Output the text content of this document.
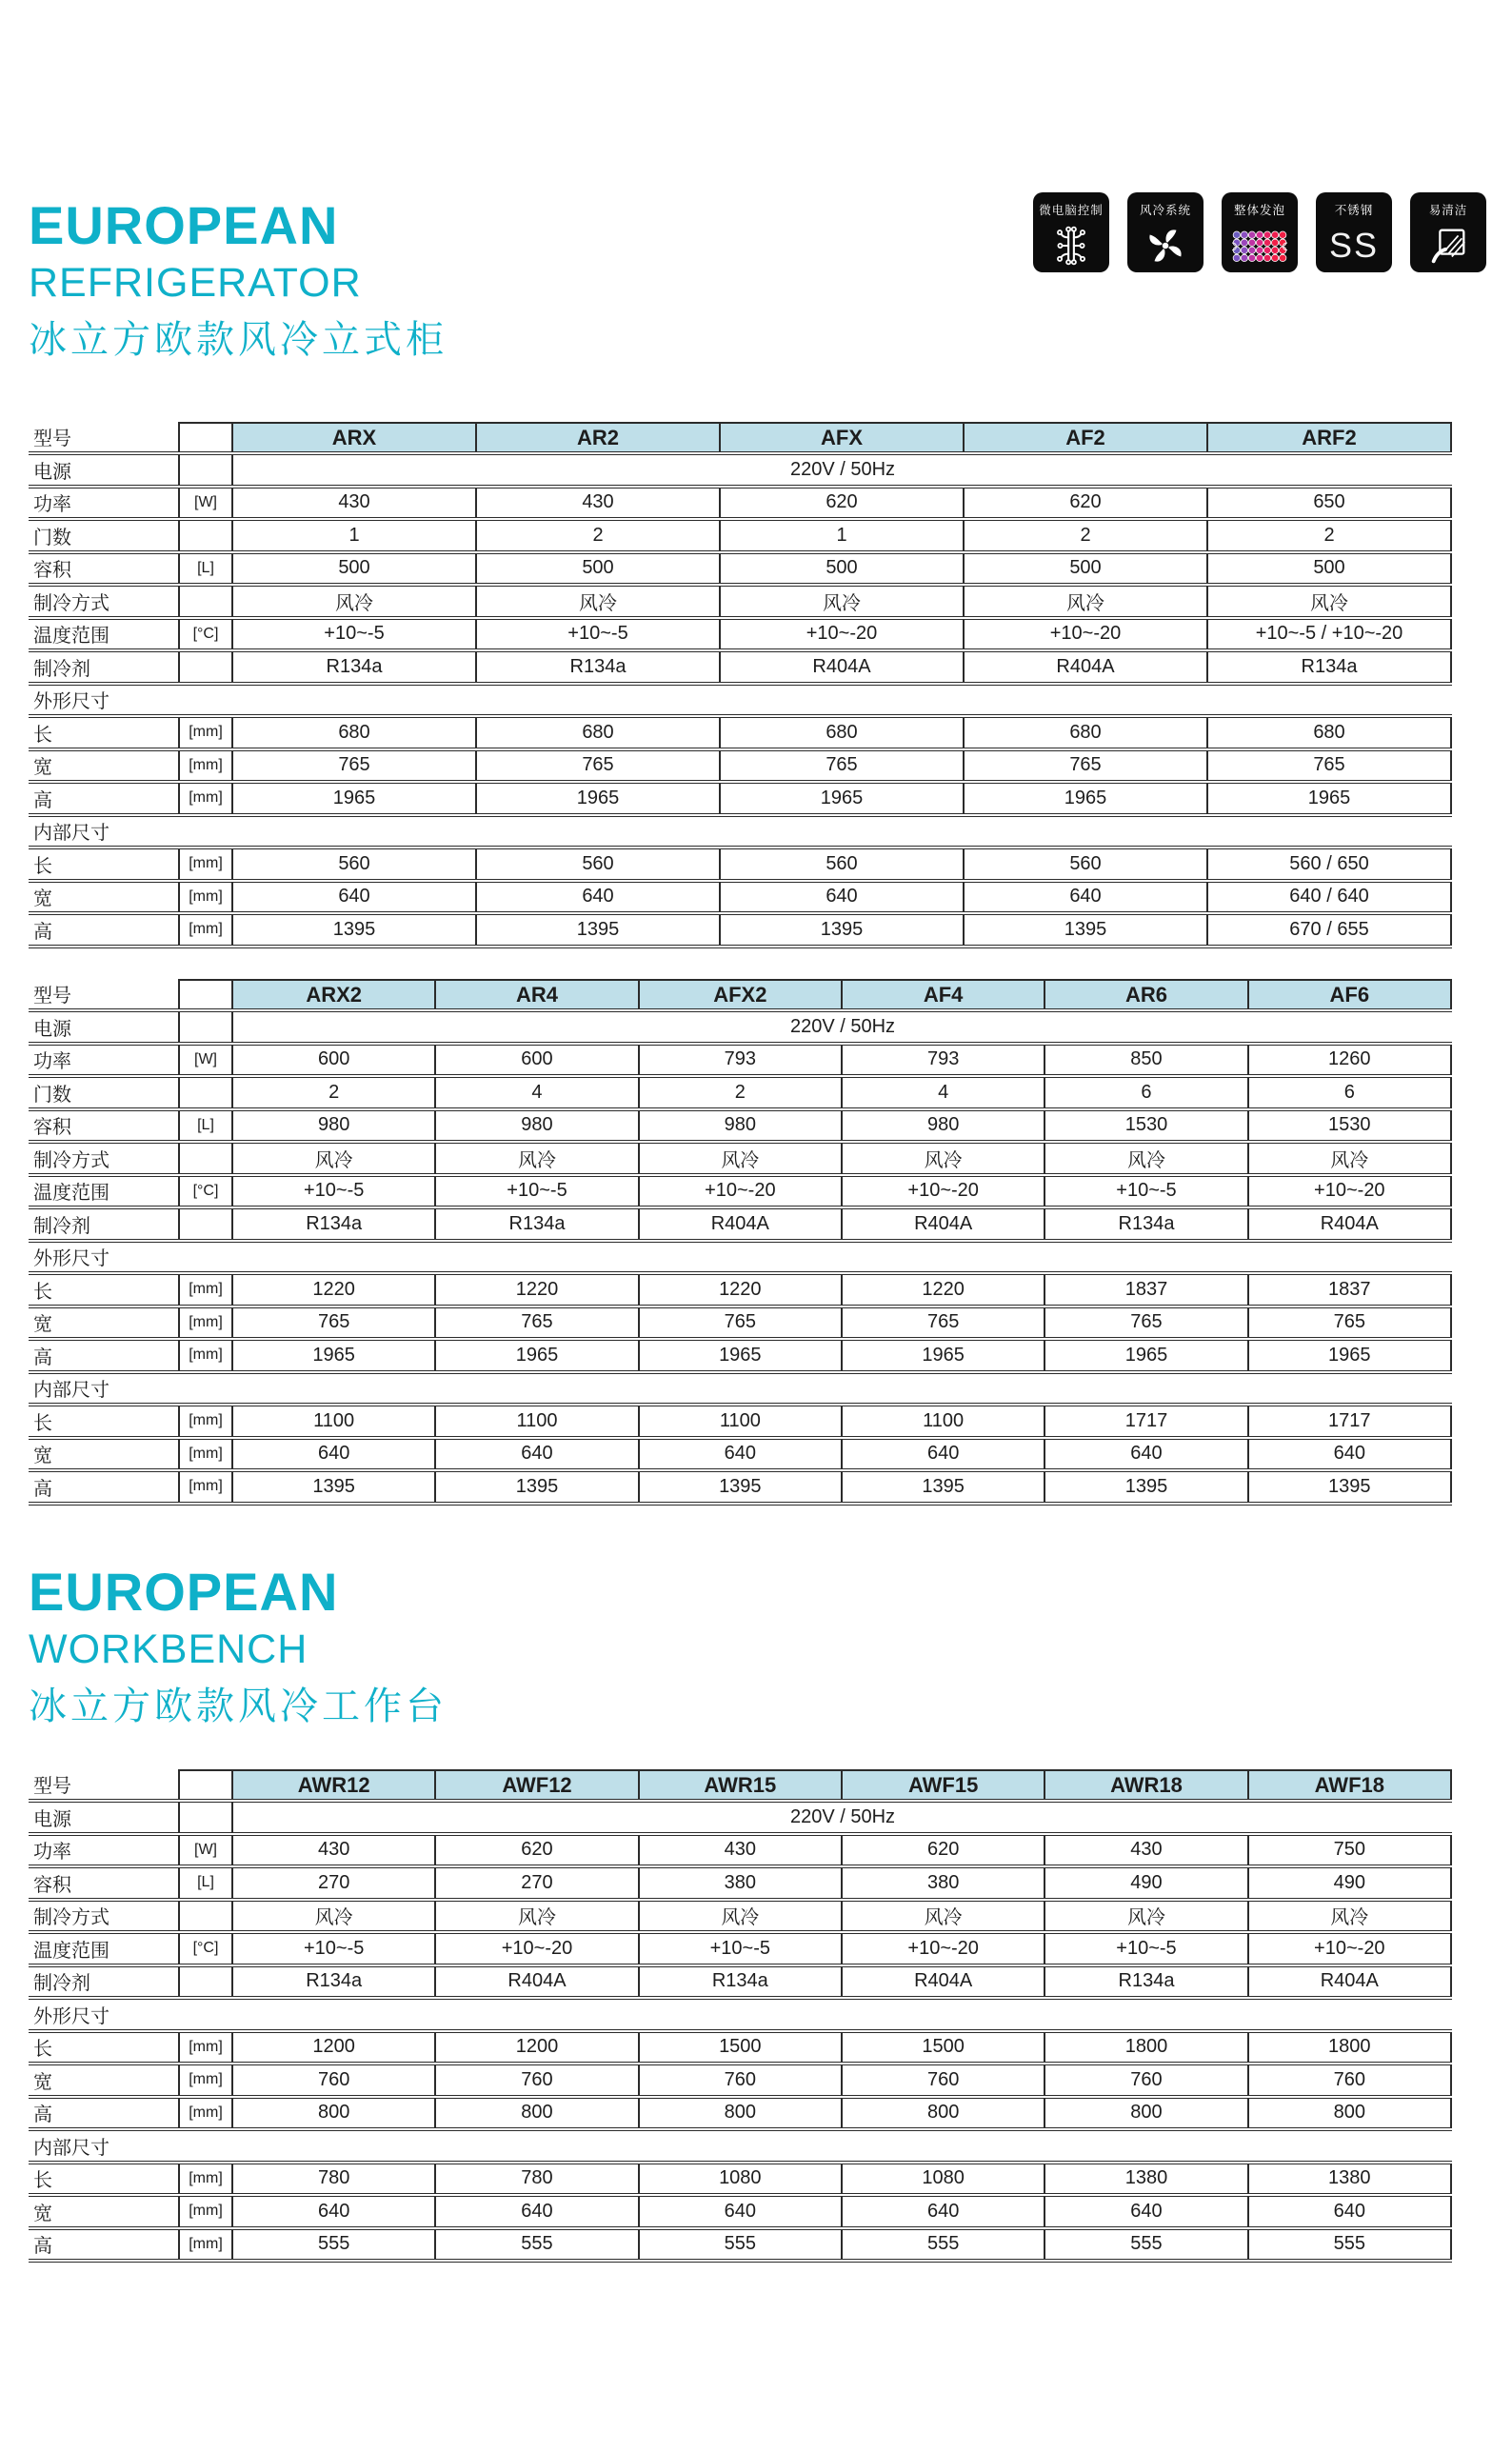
EUROPEAN
REFRIGERATOR
冰立方欧款风冷立式柜
微电脑控制	风冷系统	整体发泡	不锈钢
SS
易清洁
型号	ARX	AR2	AFX	AF2	ARF2
电源	220V / 50Hz
功率	[W]	430	430	620	620	650
门数	1	2	1	2	2
容积	[L]	500	500	500	500	500
制冷方式	风冷	风冷	风冷	风冷	风冷
温度范围	[°C]	+10~-5	+10~-5	+10~-20	+10~-20	+10~-5 / +10~-20
制冷剂	R134a	R134a	R404A	R404A	R134a
外形尺寸
长	[mm]	680	680	680	680	680
宽	[mm]	765	765	765	765	765
高	[mm]	1965	1965	1965	1965	1965
内部尺寸
长	[mm]	560	560	560	560	560 / 650
宽	[mm]	640	640	640	640	640 / 640
高	[mm]	1395	1395	1395	1395	670 / 655
型号	ARX2	AR4	AFX2	AF4	AR6	AF6
电源	220V / 50Hz
功率	[W]	600	600	793	793	850	1260
门数	2	4	2	4	6	6
容积	[L]	980	980	980	980	1530	1530
制冷方式	风冷	风冷	风冷	风冷	风冷	风冷
温度范围	[°C]	+10~-5	+10~-5	+10~-20	+10~-20	+10~-5	+10~-20
制冷剂	R134a	R134a	R404A	R404A	R134a	R404A
外形尺寸
长	[mm]	1220	1220	1220	1220	1837	1837
宽	[mm]	765	765	765	765	765	765
高	[mm]	1965	1965	1965	1965	1965	1965
内部尺寸
长	[mm]	1100	1100	1100	1100	1717	1717
宽	[mm]	640	640	640	640	640	640
高	[mm]	1395	1395	1395	1395	1395	1395
EUROPEAN
WORKBENCH
冰立方欧款风冷工作台
型号	AWR12	AWF12	AWR15	AWF15	AWR18	AWF18
电源	220V / 50Hz
功率	[W]	430	620	430	620	430	750
容积	[L]	270	270	380	380	490	490
制冷方式	风冷	风冷	风冷	风冷	风冷	风冷
温度范围	[°C]	+10~-5	+10~-20	+10~-5	+10~-20	+10~-5	+10~-20
制冷剂	R134a	R404A	R134a	R404A	R134a	R404A
外形尺寸
长	[mm]	1200	1200	1500	1500	1800	1800
宽	[mm]	760	760	760	760	760	760
高	[mm]	800	800	800	800	800	800
内部尺寸
长	[mm]	780	780	1080	1080	1380	1380
宽	[mm]	640	640	640	640	640	640
高	[mm]	555	555	555	555	555	555
